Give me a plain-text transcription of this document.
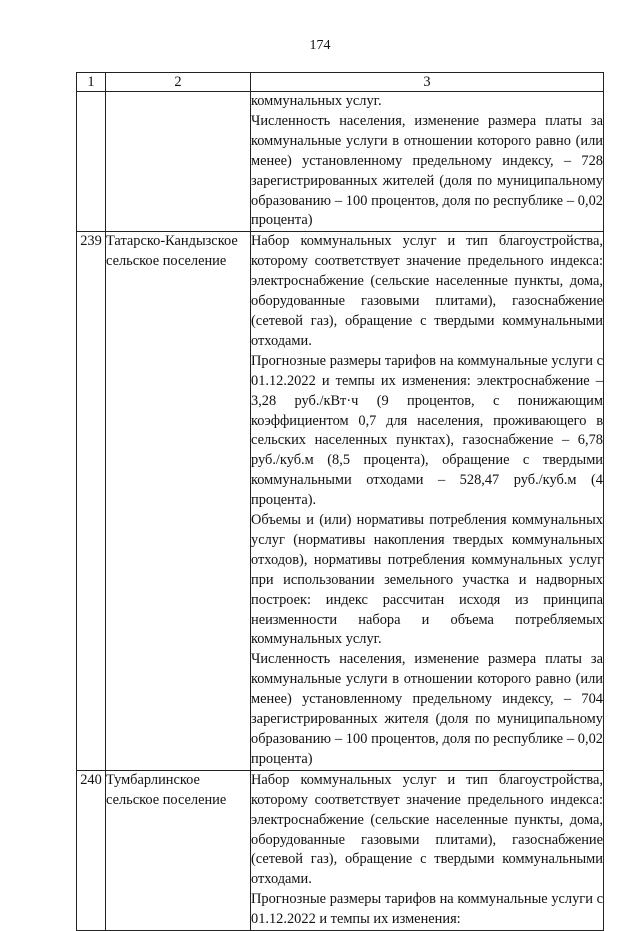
174
1	2	3

		коммунальных услуг.
Численность населения, изменение размера платы за коммунальные услуги в отношении которого равно (или менее) установленному предельному индексу, – 728 зарегистрированных жителей (доля по муниципальному образованию – 100 процентов, доля по республике – 0,02 процента)

239	Татарско-Кандызское сельское поселение	Набор коммунальных услуг и тип благоустройства, которому соответствует значение предельного индекса: электроснабжение (сельские населенные пункты, дома, оборудованные газовыми плитами), газоснабжение (сетевой газ), обращение с твердыми коммунальными отходами.
Прогнозные размеры тарифов на коммунальные услуги с 01.12.2022 и темпы их изменения: электроснабжение – 3,28 руб./кВт·ч (9 процентов, с понижающим коэффициентом 0,7 для населения, проживающего в сельских населенных пунктах), газоснабжение – 6,78 руб./куб.м (8,5 процента), обращение с твердыми коммунальными отходами – 528,47 руб./куб.м (4 процента).
Объемы и (или) нормативы потребления коммунальных услуг (нормативы накопления твердых коммунальных отходов), нормативы потребления коммунальных услуг при использовании земельного участка и надворных построек: индекс рассчитан исходя из принципа неизменности набора и объема потребляемых коммунальных услуг.
Численность населения, изменение размера платы за коммунальные услуги в отношении которого равно (или менее) установленному предельному индексу, – 704 зарегистрированных жителя (доля по муниципальному образованию – 100 процентов, доля по республике – 0,02 процента)

240	Тумбарлинское сельское поселение	Набор коммунальных услуг и тип благоустройства, которому соответствует значение предельного индекса: электроснабжение (сельские населенные пункты, дома, оборудованные газовыми плитами), газоснабжение (сетевой газ), обращение с твердыми коммунальными отходами.
Прогнозные размеры тарифов на коммунальные услуги с 01.12.2022 и темпы их изменения:
